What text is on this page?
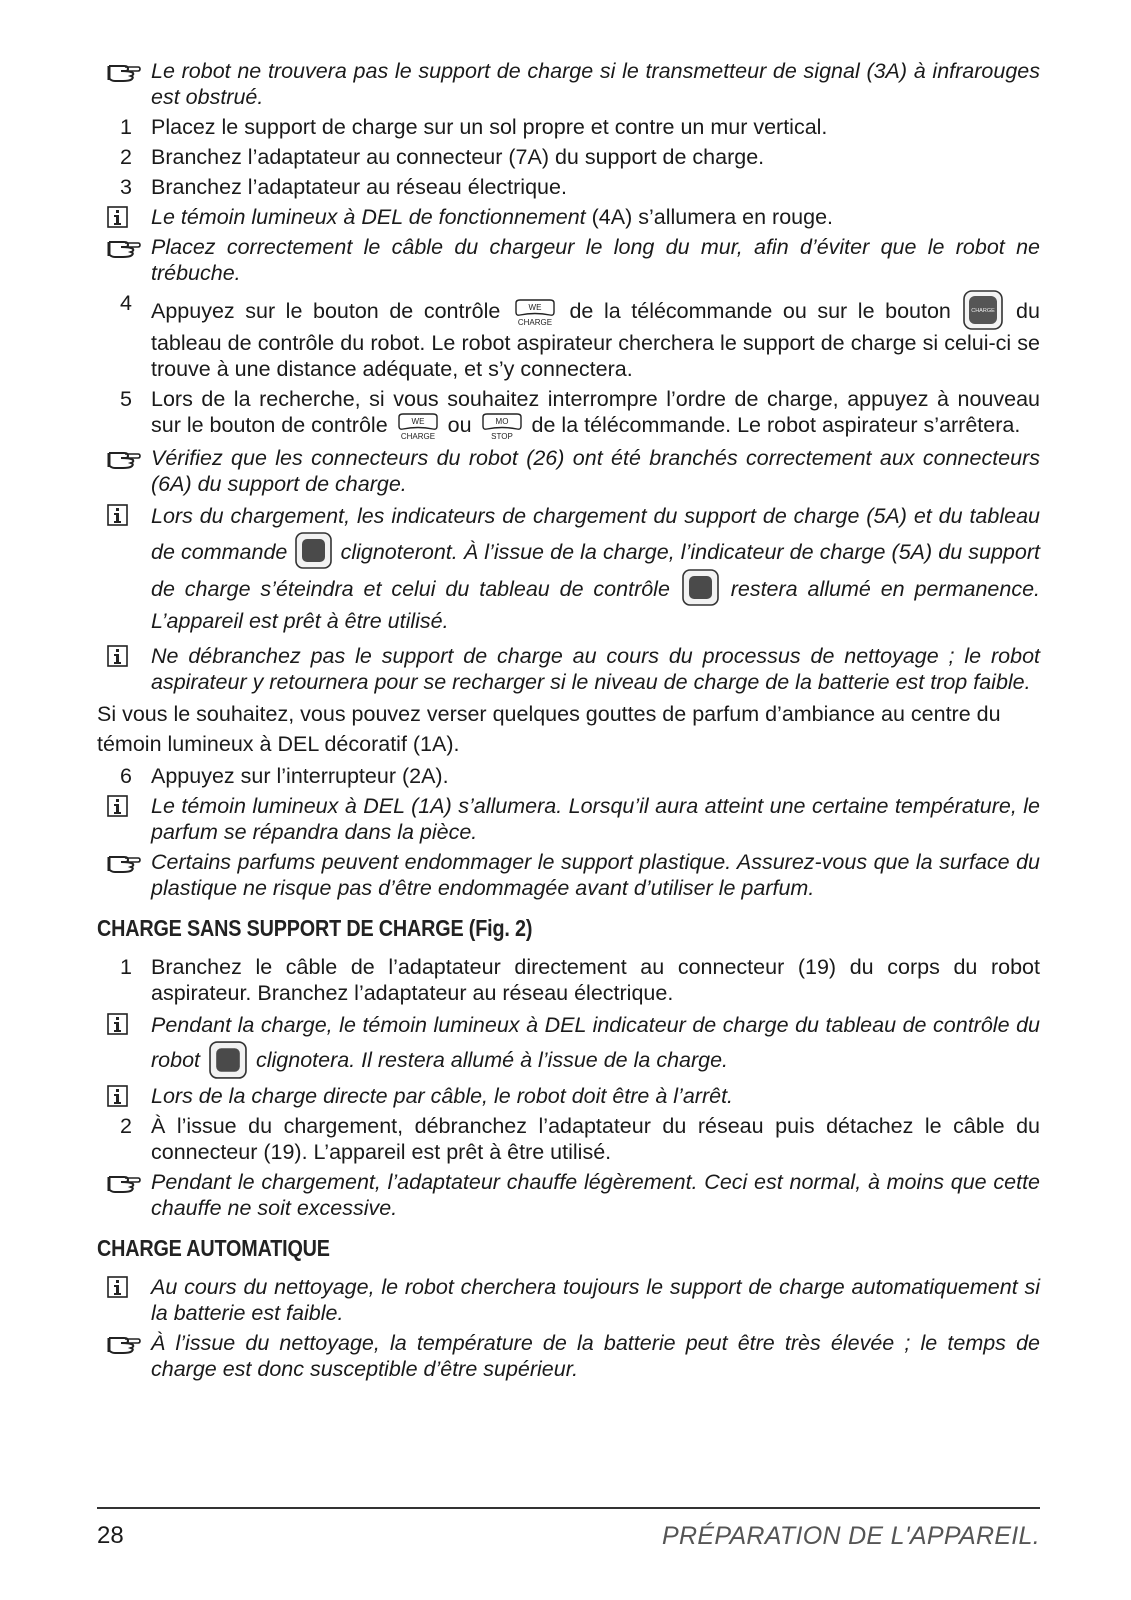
Le robot ne trouvera pas le support de charge si le transmetteur de signal (3A) à infrarouges est obstrué.
1 Placez le support de charge sur un sol propre et contre un mur vertical.
2 Branchez l’adaptateur au connecteur (7A) du support de charge.
3 Branchez l’adaptateur au réseau électrique.
Le témoin lumineux à DEL de fonctionnement (4A) s’allumera en rouge.
Placez correctement le câble du chargeur le long du mur, afin d’éviter que le robot ne trébuche.
4 Appuyez sur le bouton de contrôle	WE
CHARGE de la télécommande ou sur le bouton	CHARGE du tableau de contrôle du robot. Le robot aspirateur cherchera le support de charge si celui-ci se trouve à une distance adéquate, et s’y connectera.
5 Lors de la recherche, si vous souhaitez interrompre l’ordre de charge, appuyez à nouveau sur le bouton de contrôle	WE
CHARGE ou	MO
STOP de la télécommande. Le robot aspirateur s’arrêtera.
Vérifiez que les connecteurs du robot (26) ont été branchés correctement aux connecteurs (6A) du support de charge.
Lors du chargement, les indicateurs de chargement du support de charge (5A) et du tableau de commande clignoteront. À l’issue de la charge, l’indicateur de charge (5A) du support de charge s’éteindra et celui du tableau de contrôle	restera allumé en permanence. L’appareil est prêt à être utilisé.
Ne débranchez pas le support de charge au cours du processus de nettoyage ; le robot aspirateur y retournera pour se recharger si le niveau de charge de la batterie est trop faible.

Si vous le souhaitez, vous pouvez verser quelques gouttes de parfum d’ambiance au centre du témoin lumineux à DEL décoratif (1A).

6 Appuyez sur l’interrupteur (2A).
Le témoin lumineux à DEL (1A) s’allumera. Lorsqu’il aura atteint une certaine température, le parfum se répandra dans la pièce.
Certains parfums peuvent endommager le support plastique. Assurez-vous que la surface du plastique ne risque pas d’être endommagée avant d’utiliser le parfum.
CHARGE SANS SUPPORT DE CHARGE (Fig. 2)
1 Branchez le câble de l’adaptateur directement au connecteur (19) du corps du robot aspirateur. Branchez l’adaptateur au réseau électrique.
Pendant la charge, le témoin lumineux à DEL indicateur de charge du tableau de contrôle du robot	clignotera. Il restera allumé à l’issue de la charge.
Lors de la charge directe par câble, le robot doit être à l’arrêt.
2 À l’issue du chargement, débranchez l’adaptateur du réseau puis détachez le câble du connecteur (19). L’appareil est prêt à être utilisé.
Pendant le chargement, l’adaptateur chauffe légèrement. Ceci est normal, à moins que cette chauffe ne soit excessive.
CHARGE AUTOMATIQUE
Au cours du nettoyage, le robot cherchera toujours le support de charge automatiquement si la batterie est faible.
À l’issue du nettoyage, la température de la batterie peut être très élevée ; le temps de charge est donc susceptible d’être supérieur.
28	PRÉPARATION DE L'APPAREIL.
